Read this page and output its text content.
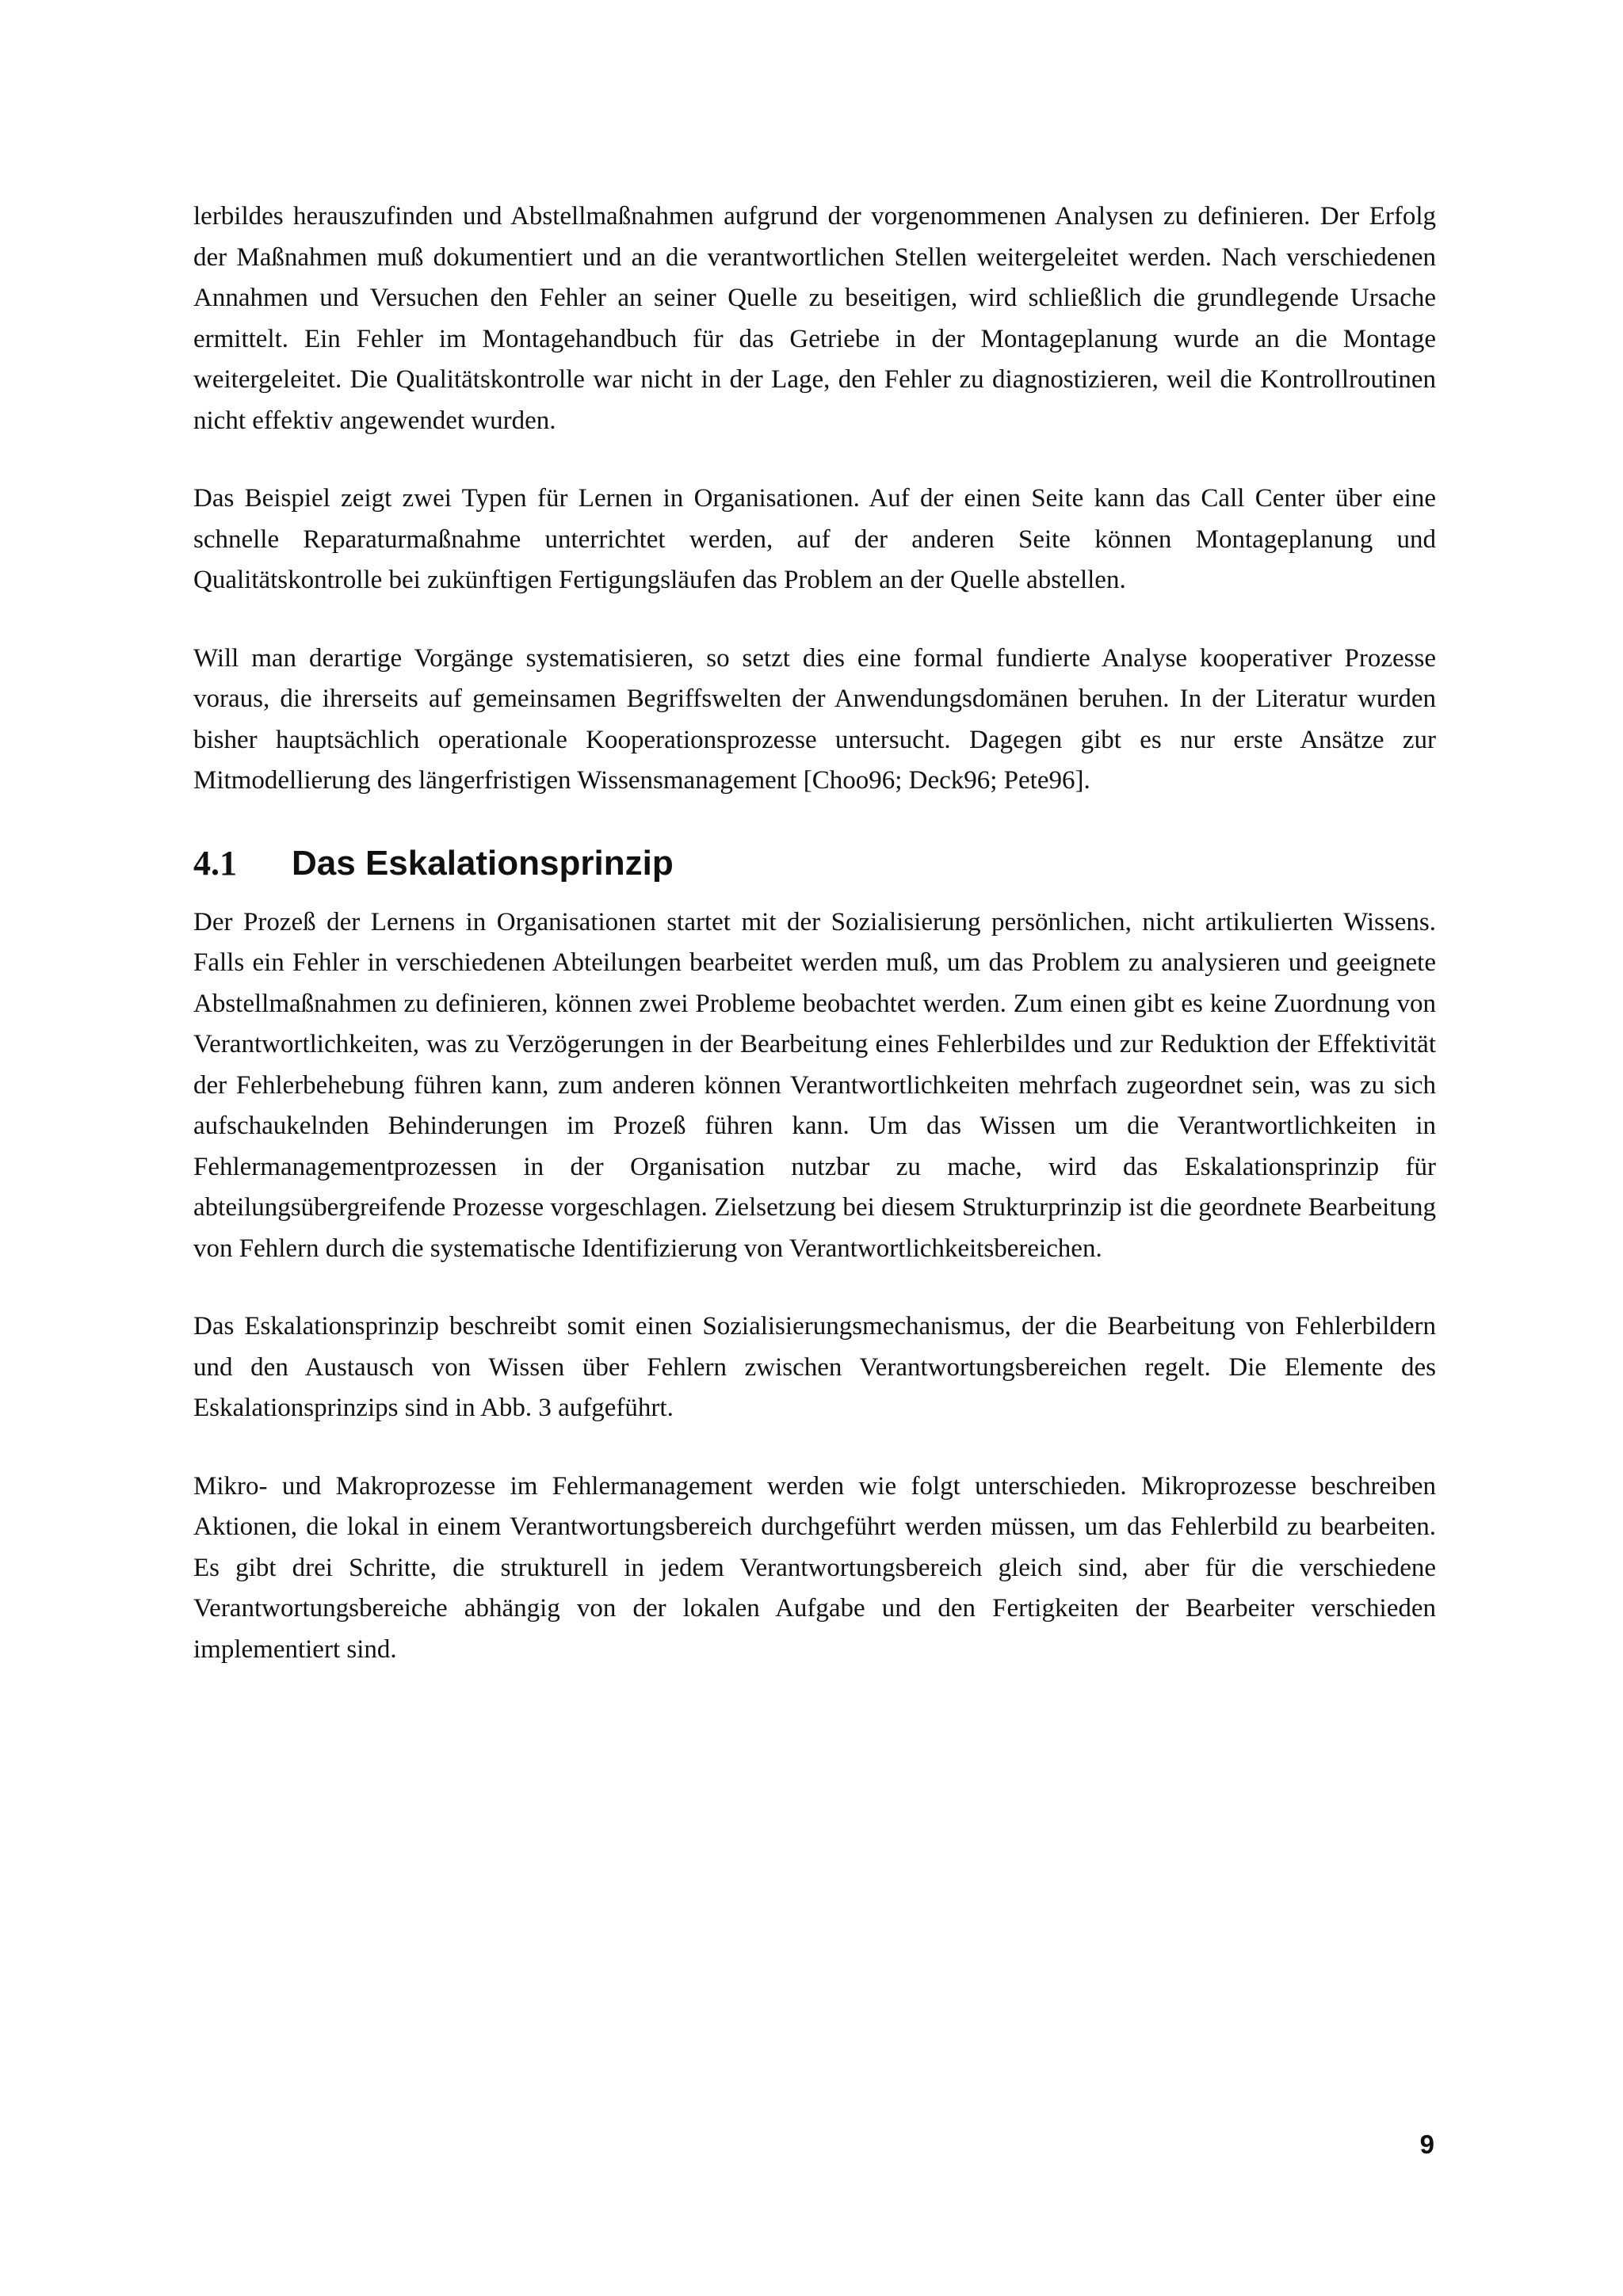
lerbildes herauszufinden und Abstellmaßnahmen aufgrund der vorgenommenen Analysen zu definieren. Der Erfolg der Maßnahmen muß dokumentiert und an die verantwortlichen Stellen weitergeleitet werden. Nach verschiedenen Annahmen und Versuchen den Fehler an seiner Quelle zu beseitigen, wird schließlich die grundlegende Ursache ermittelt. Ein Fehler im Montagehandbuch für das Getriebe in der Montageplanung wurde an die Montage weitergeleitet. Die Qualitätskontrolle war nicht in der Lage, den Fehler zu diagnostizieren, weil die Kontrollroutinen nicht effektiv angewendet wurden.

Das Beispiel zeigt zwei Typen für Lernen in Organisationen. Auf der einen Seite kann das Call Center über eine schnelle Reparaturmaßnahme unterrichtet werden, auf der anderen Seite können Montageplanung und Qualitätskontrolle bei zukünftigen Fertigungsläufen das Problem an der Quelle abstellen.

Will man derartige Vorgänge systematisieren, so setzt dies eine formal fundierte Analyse kooperativer Prozesse voraus, die ihrerseits auf gemeinsamen Begriffswelten der Anwendungsdomänen beruhen. In der Literatur wurden bisher hauptsächlich operationale Kooperationsprozesse untersucht. Dagegen gibt es nur erste Ansätze zur Mitmodellierung des längerfristigen Wissensmanagement [Choo96; Deck96; Pete96].

4.1	Das Eskalationsprinzip

Der Prozeß der Lernens in Organisationen startet mit der Sozialisierung persönlichen, nicht artikulierten Wissens. Falls ein Fehler in verschiedenen Abteilungen bearbeitet werden muß, um das Problem zu analysieren und geeignete Abstellmaßnahmen zu definieren, können zwei Probleme beobachtet werden. Zum einen gibt es keine Zuordnung von Verantwortlichkeiten, was zu Verzögerungen in der Bearbeitung eines Fehlerbildes und zur Reduktion der Effektivität der Fehlerbehebung führen kann, zum anderen können Verantwortlichkeiten mehrfach zugeordnet sein, was zu sich aufschaukelnden Behinderungen im Prozeß führen kann. Um das Wissen um die Verantwortlichkeiten in Fehlermanagementprozessen in der Organisation nutzbar zu mache, wird das Eskalationsprinzip für abteilungsübergreifende Prozesse vorgeschlagen. Zielsetzung bei diesem Strukturprinzip ist die geordnete Bearbeitung von Fehlern durch die systematische Identifizierung von Verantwortlichkeitsbereichen.

Das Eskalationsprinzip beschreibt somit einen Sozialisierungsmechanismus, der die Bearbeitung von Fehlerbildern und den Austausch von Wissen über Fehlern zwischen Verantwortungsbereichen regelt. Die Elemente des Eskalationsprinzips sind in Abb. 3 aufgeführt.

Mikro- und Makroprozesse im Fehlermanagement werden wie folgt unterschieden. Mikroprozesse beschreiben Aktionen, die lokal in einem Verantwortungsbereich durchgeführt werden müssen, um das Fehlerbild zu bearbeiten. Es gibt drei Schritte, die strukturell in jedem Verantwortungsbereich gleich sind, aber für die verschiedene Verantwortungsbereiche abhängig von der lokalen Aufgabe und den Fertigkeiten der Bearbeiter verschieden implementiert sind.

9
